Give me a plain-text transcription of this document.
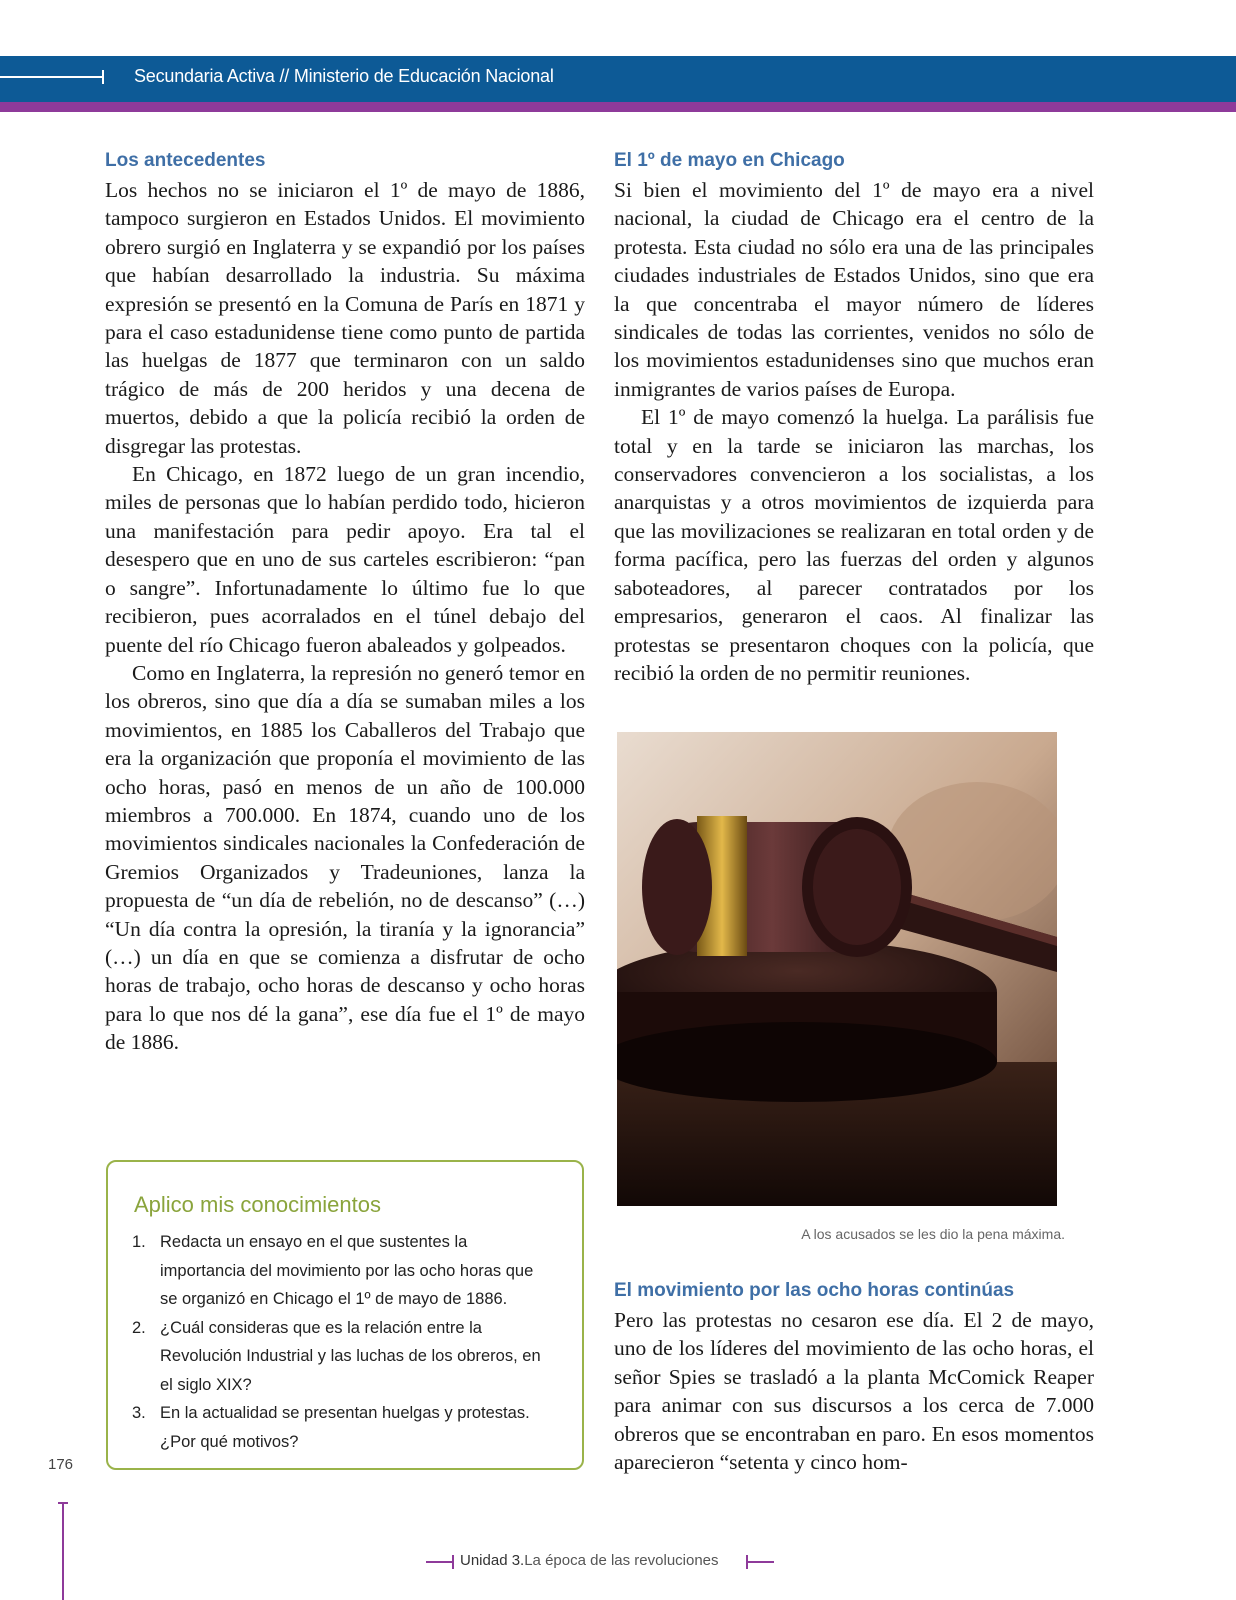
Secundaria Activa // Ministerio de Educación Nacional
Los antecedentes

Los hechos no se iniciaron el 1º de mayo de 1886, tampoco surgieron en Estados Unidos. El movimiento obrero surgió en Inglaterra y se expandió por los países que habían desarrollado la industria. Su máxima expresión se presentó en la Comuna de París en 1871 y para el caso estadunidense tiene como punto de partida las huelgas de 1877 que terminaron con un saldo trágico de más de 200 heridos y una decena de muertos, debido a que la policía recibió la orden de disgregar las protestas.

En Chicago, en 1872 luego de un gran incendio, miles de personas que lo habían perdido todo, hicieron una manifestación para pedir apoyo. Era tal el desespero que en uno de sus carteles escribieron: “pan o sangre”. Infortunadamente lo último fue lo que recibieron, pues acorralados en el túnel debajo del puente del río Chicago fueron abaleados y golpeados.

Como en Inglaterra, la represión no generó temor en los obreros, sino que día a día se sumaban miles a los movimientos, en 1885 los Caballeros del Trabajo que era la organización que proponía el movimiento de las ocho horas, pasó en menos de un año de 100.000 miembros a 700.000. En 1874, cuando uno de los movimientos sindicales nacionales la Confederación de Gremios Organizados y Tradeuniones, lanza la propuesta de “un día de rebelión, no de descanso” (…) “Un día contra la opresión, la tiranía y la ignorancia” (…) un día en que se comienza a disfrutar de ocho horas de trabajo, ocho horas de descanso y ocho horas para lo que nos dé la gana”, ese día fue el 1º de mayo de 1886.

El 1º de mayo en Chicago

Si bien el movimiento del 1º de mayo era a nivel nacional, la ciudad de Chicago era el centro de la protesta. Esta ciudad no sólo era una de las principales ciudades industriales de Estados Unidos, sino que era la que concentraba el mayor número de líderes sindicales de todas las corrientes, venidos no sólo de los movimientos estadunidenses sino que muchos eran inmigrantes de varios países de Europa.

El 1º de mayo comenzó la huelga. La parálisis fue total y en la tarde se iniciaron las marchas, los conservadores convencieron a los socialistas, a los anarquistas y a otros movimientos de izquierda para que las movilizaciones se realizaran en total orden y de forma pacífica, pero las fuerzas del orden y algunos saboteadores, al parecer contratados por los empresarios, generaron el caos. Al finalizar las protestas se presentaron choques con la policía, que recibió la orden de no permitir reuniones.

A los acusados se les dio la pena máxima.
El movimiento por las ocho horas continúas

Pero las protestas no cesaron ese día. El 2 de mayo, uno de los líderes del movimiento de las ocho horas, el señor Spies se trasladó a la planta McComick Reaper para animar con sus discursos a los cerca de 7.000 obreros que se encontraban en paro. En esos momentos aparecieron “setenta y cinco hom-

Aplico mis conocimientos
1. Redacta un ensayo en el que sustentes la importancia del movimiento por las ocho horas que se organizó en Chicago el 1º de mayo de 1886.
2. ¿Cuál consideras que es la relación entre la Revolución Industrial y las luchas de los obreros, en el siglo XIX?
3. En la actualidad se presentan huelgas y protestas. ¿Por qué motivos?
176
Unidad 3.La época de las revoluciones
